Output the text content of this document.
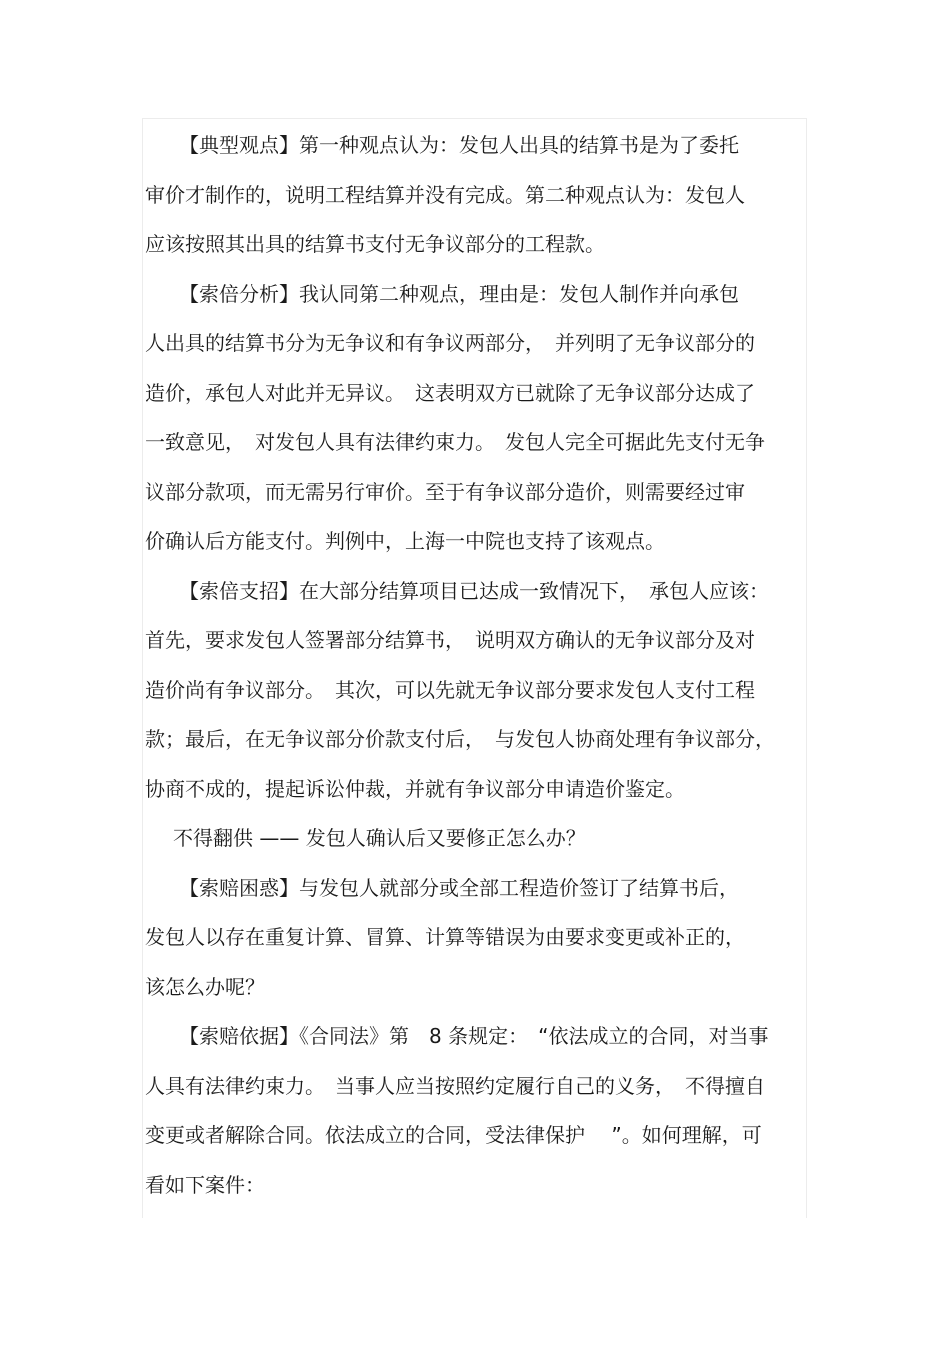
【典型观点】第一种观点认为：发包人出具的结算书是为了委托
审价才制作的，说明工程结算并没有完成。第二种观点认为：发包人
应该按照其出具的结算书支付无争议部分的工程款。
【索倍分析】我认同第二种观点，理由是：发包人制作并向承包
人出具的结算书分为无争议和有争议两部分，　并列明了无争议部分的
造价，承包人对此并无异议。　这表明双方已就除了无争议部分达成了
一致意见，　对发包人具有法律约束力。　发包人完全可据此先支付无争
议部分款项，而无需另行审价。至于有争议部分造价，则需要经过审
价确认后方能支付。判例中，上海一中院也支持了该观点。
【索倍支招】在大部分结算项目已达成一致情况下，　承包人应该：
首先，要求发包人签署部分结算书，　说明双方确认的无争议部分及对
造价尚有争议部分。　其次，可以先就无争议部分要求发包人支付工程
款；最后，在无争议部分价款支付后，　与发包人协商处理有争议部分，
协商不成的，提起诉讼仲裁，并就有争议部分申请造价鉴定。
不得翻供 —— 发包人确认后又要修正怎么办？
【索赔困惑】与发包人就部分或全部工程造价签订了结算书后，
发包人以存在重复计算、冒算、计算等错误为由要求变更或补正的，
该怎么办呢？
【索赔依据】《合同法》第　8 条规定：　“依法成立的合同，对当事
人具有法律约束力。　当事人应当按照约定履行自己的义务，　不得擅自
变更或者解除合同。依法成立的合同，受法律保护　 ”。如何理解，可
看如下案件：
